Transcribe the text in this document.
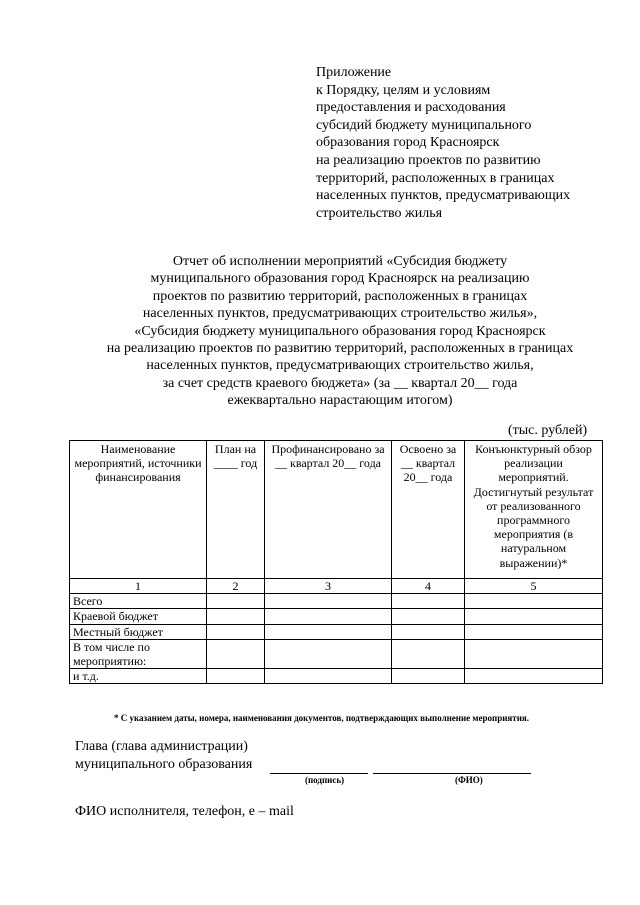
Приложение
к Порядку, целям и условиям
предоставления и расходования
субсидий бюджету муниципального
образования город Красноярск
на реализацию проектов по развитию
территорий, расположенных в границах
населенных пунктов, предусматривающих
строительство жилья
Отчет об исполнении мероприятий «Субсидия бюджету
муниципального образования город Красноярск на реализацию
проектов по развитию территорий, расположенных в границах
населенных пунктов, предусматривающих строительство жилья»,
«Субсидия бюджету муниципального образования город Красноярск
на реализацию проектов по развитию территорий, расположенных в границах
населенных пунктов, предусматривающих строительство жилья,
за счет средств краевого бюджета» (за __ квартал 20__ года
ежеквартально нарастающим итогом)
(тыс. рублей)
Наименование мероприятий, источники финансирования	План на ____ год	Профинансировано за __ квартал 20__ года	Освоено за __ квартал 20__ года	Конъюнктурный обзор реализации мероприятий. Достигнутый результат от реализованного программного мероприятия (в натуральном выражении)*
1	2	3	4	5
Всего				
Краевой бюджет				
Местный бюджет				
В том числе по мероприятию:				
и т.д.				
* С указанием даты, номера, наименования документов, подтверждающих выполнение мероприятия.
Глава (глава администрации)
муниципального образования
(подпись)	(ФИО)
ФИО исполнителя, телефон, e – mail
